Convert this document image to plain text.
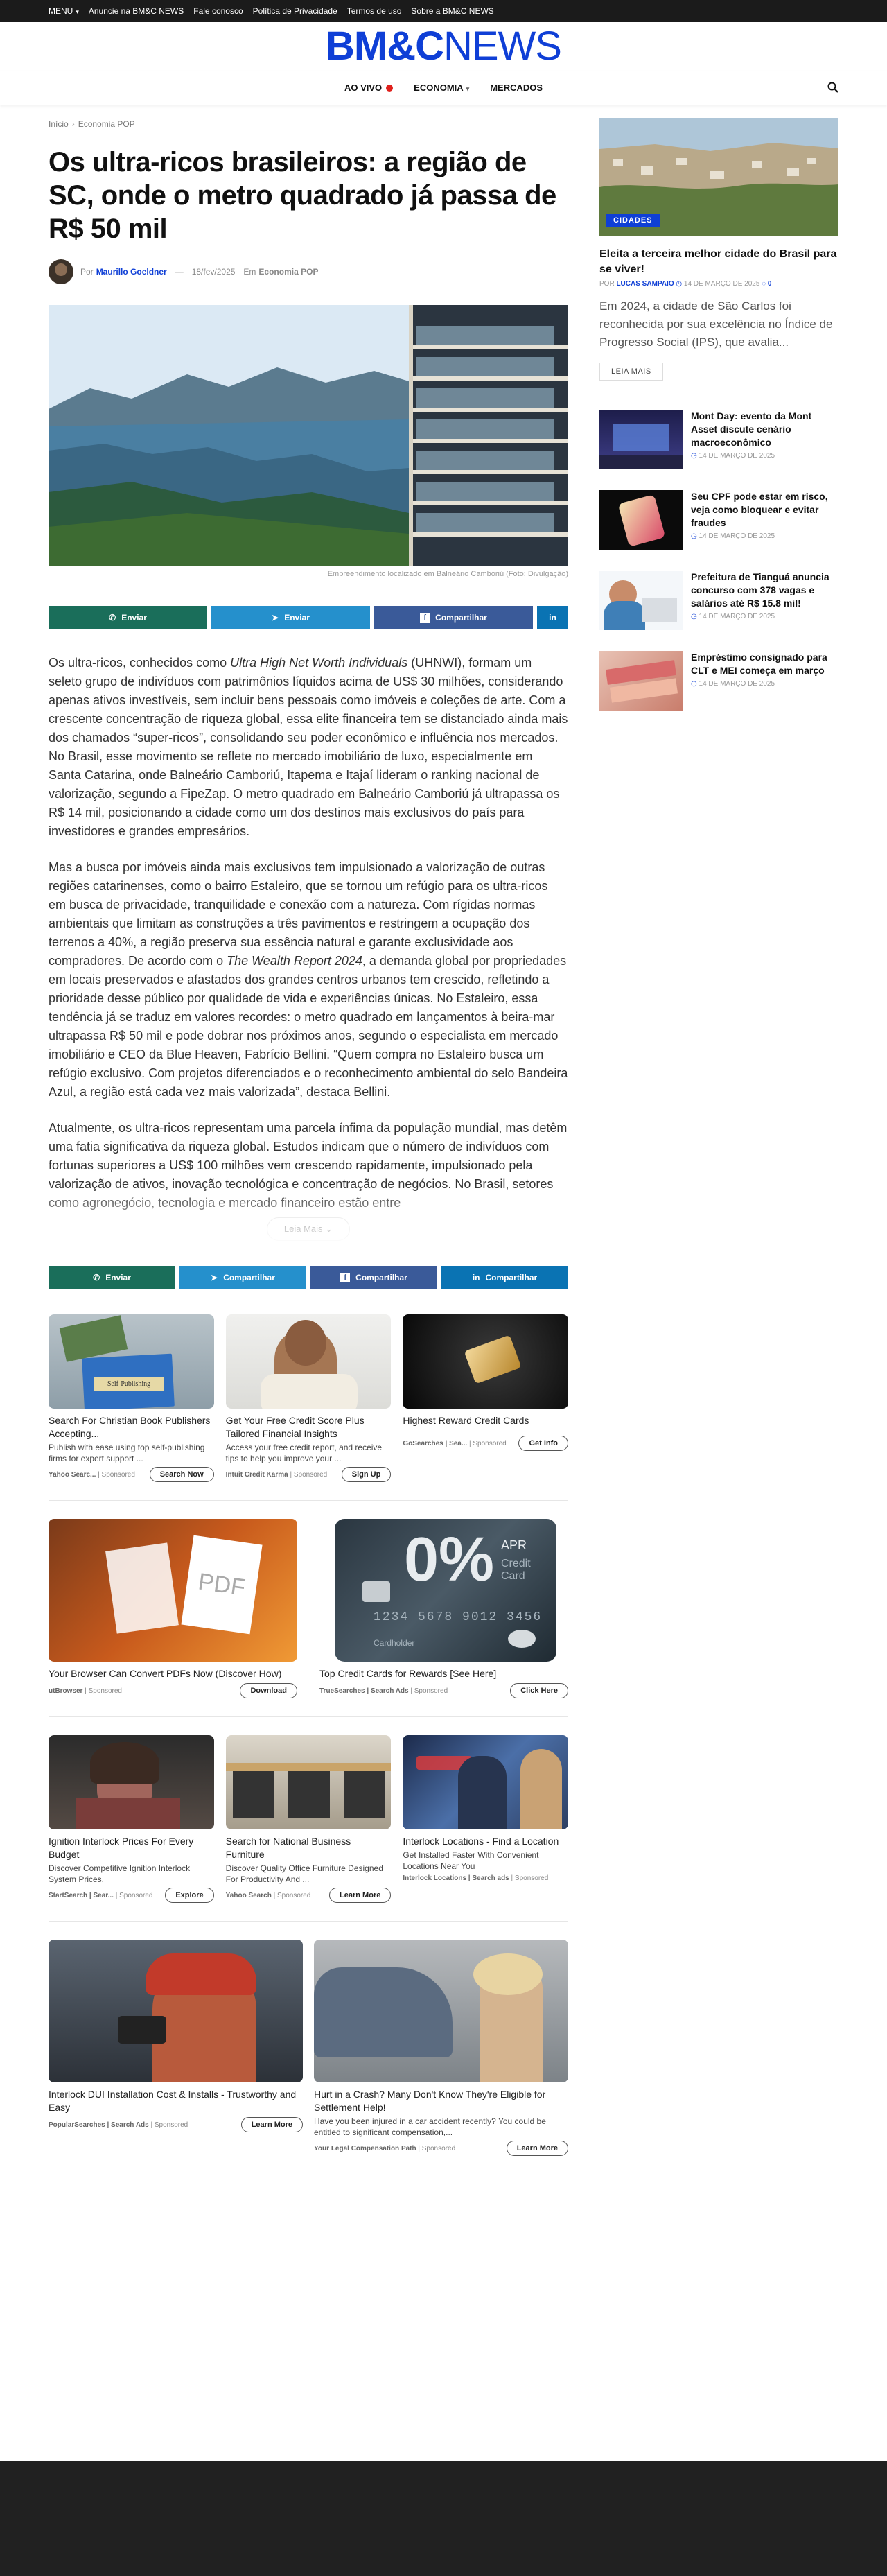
MENU ▾ Anuncie na BM&C NEWS Fale conosco Política de Privacidade Termos de uso Sobre a BM&C NEWS
BM&CNEWS
AO VIVO	ECONOMIA ▾ MERCADOS
Início › Economia POP
Os ultra-ricos brasileiros: a região de SC, onde o metro quadrado já passa de R$ 50 mil
Por Maurillo Goeldner — 18/fev/2025 Em Economia POP
Empreendimento localizado em Balneário Camboriú (Foto: Divulgação)
✆ Enviar	➤ Enviar	f	Compartilhar	in

Os ultra-ricos, conhecidos como Ultra High Net Worth Individuals (UHNWI), formam um seleto grupo de indivíduos com patrimônios líquidos acima de US$ 30 milhões, considerando apenas ativos investíveis, sem incluir bens pessoais como imóveis e coleções de arte. Com a crescente concentração de riqueza global, essa elite financeira tem se distanciado ainda mais dos chamados “super-ricos”, consolidando seu poder econômico e influência nos mercados. No Brasil, esse movimento se reflete no mercado imobiliário de luxo, especialmente em Santa Catarina, onde Balneário Camboriú, Itapema e Itajaí lideram o ranking nacional de valorização, segundo a FipeZap. O metro quadrado em Balneário Camboriú já ultrapassa os R$ 14 mil, posicionando a cidade como um dos destinos mais exclusivos do país para investidores e grandes empresários.

Mas a busca por imóveis ainda mais exclusivos tem impulsionado a valorização de outras regiões catarinenses, como o bairro Estaleiro, que se tornou um refúgio para os ultra-ricos em busca de privacidade, tranquilidade e conexão com a natureza. Com rígidas normas ambientais que limitam as construções a três pavimentos e restringem a ocupação dos terrenos a 40%, a região preserva sua essência natural e garante exclusividade aos compradores. De acordo com o The Wealth Report 2024, a demanda global por propriedades em locais preservados e afastados dos grandes centros urbanos tem crescido, refletindo a prioridade desse público por qualidade de vida e experiências únicas. No Estaleiro, essa tendência já se traduz em valores recordes: o metro quadrado em lançamentos à beira-mar ultrapassa R$ 50 mil e pode dobrar nos próximos anos, segundo o especialista em mercado imobiliário e CEO da Blue Heaven, Fabrício Bellini. “Quem compra no Estaleiro busca um refúgio exclusivo. Com projetos diferenciados e o reconhecimento ambiental do selo Bandeira Azul, a região está cada vez mais valorizada”, destaca Bellini.

Atualmente, os ultra-ricos representam uma parcela ínfima da população mundial, mas detêm uma fatia significativa da riqueza global. Estudos indicam que o número de indivíduos com fortunas superiores a US$ 100 milhões vem crescendo rapidamente, impulsionado pela valorização de ativos, inovação tecnológica e concentração de negócios. No Brasil, setores como agronegócio, tecnologia e mercado financeiro estão entre

Leia Mais ⌄
✆ Enviar	➤ Compartilhar	f	Compartilhar	in Compartilhar
Self-Publishing
Search For Christian Book Publishers Accepting...
Publish with ease using top self-publishing firms for expert support ...
Yahoo Searc... | Sponsored	Search Now
Get Your Free Credit Score Plus Tailored Financial Insights
Access your free credit report, and receive tips to help you improve your ...
Intuit Credit Karma | Sponsored	Sign Up
Highest Reward Credit Cards
GoSearches | Sea... | Sponsored	Get Info
PDF
Your Browser Can Convert PDFs Now (Discover How)
utBrowser | Sponsored	Download
0% APR
Credit Card
1234 5678 9012 3456
Cardholder
Top Credit Cards for Rewards [See Here]
TrueSearches | Search Ads | Sponsored	Click Here
Ignition Interlock Prices For Every Budget
Discover Competitive Ignition Interlock System Prices.
StartSearch | Sear... | Sponsored	Explore
Search for National Business Furniture
Discover Quality Office Furniture Designed For Productivity And ...
Yahoo Search | Sponsored	Learn More
Interlock Locations - Find a Location
Get Installed Faster With Convenient Locations Near You
Interlock Locations | Search ads | Sponsored
Interlock DUI Installation Cost & Installs - Trustworthy and Easy
PopularSearches | Search Ads | Sponsored	Learn More
Hurt in a Crash? Many Don't Know They're Eligible for Settlement Help!
Have you been injured in a car accident recently? You could be entitled to significant compensation,...
Your Legal Compensation Path | Sponsored	Learn More
CIDADES
Eleita a terceira melhor cidade do Brasil para se viver!
POR LUCAS SAMPAIO ◷ 14 DE MARÇO DE 2025 ◌ 0
Em 2024, a cidade de São Carlos foi reconhecida por sua excelência no Índice de Progresso Social (IPS), que avalia...
LEIA MAIS
Mont Day: evento da Mont Asset discute cenário macroeconômico
◷ 14 DE MARÇO DE 2025
Seu CPF pode estar em risco, veja como bloquear e evitar fraudes
◷ 14 DE MARÇO DE 2025
Prefeitura de Tianguá anuncia concurso com 378 vagas e salários até R$ 15.8 mil!
◷ 14 DE MARÇO DE 2025
Empréstimo consignado para CLT e MEI começa em março
◷ 14 DE MARÇO DE 2025
